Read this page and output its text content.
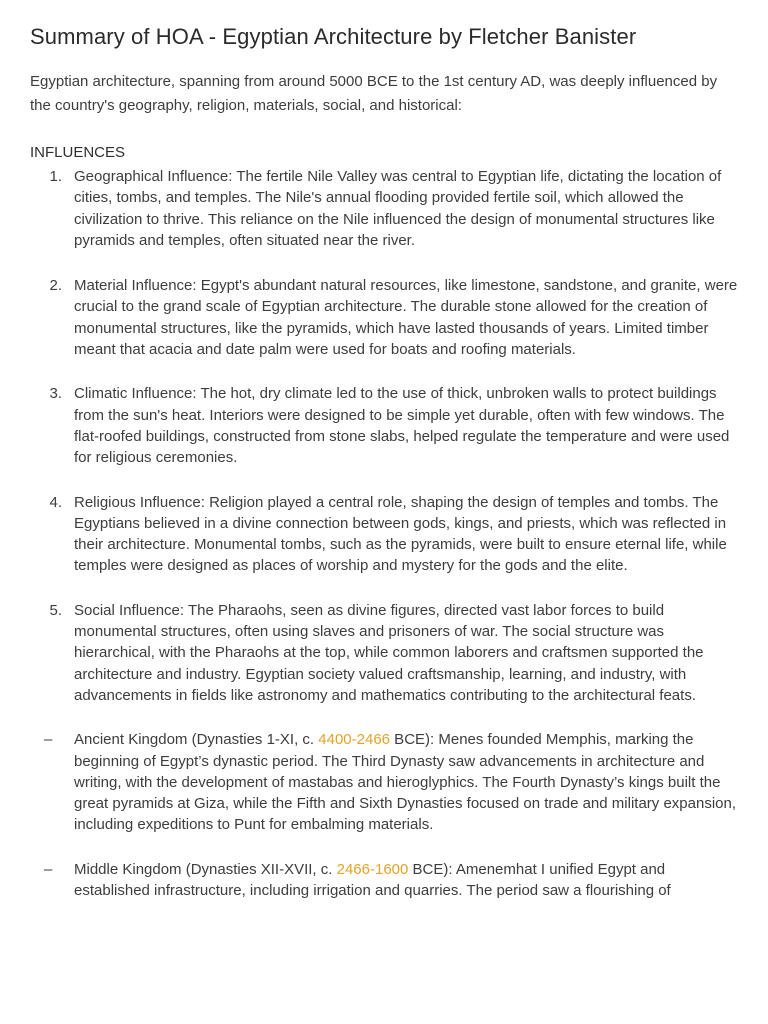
Summary of HOA - Egyptian Architecture by Fletcher Banister

Egyptian architecture, spanning from around 5000 BCE to the 1st century AD, was deeply influenced by the country's geography, religion, materials, social, and historical:

INFLUENCES

1. Geographical Influence: The fertile Nile Valley was central to Egyptian life, dictating the location of cities, tombs, and temples. The Nile's annual flooding provided fertile soil, which allowed the civilization to thrive. This reliance on the Nile influenced the design of monumental structures like pyramids and temples, often situated near the river.
2. Material Influence: Egypt's abundant natural resources, like limestone, sandstone, and granite, were crucial to the grand scale of Egyptian architecture. The durable stone allowed for the creation of monumental structures, like the pyramids, which have lasted thousands of years. Limited timber meant that acacia and date palm were used for boats and roofing materials.
3. Climatic Influence: The hot, dry climate led to the use of thick, unbroken walls to protect buildings from the sun's heat. Interiors were designed to be simple yet durable, often with few windows. The flat-roofed buildings, constructed from stone slabs, helped regulate the temperature and were used for religious ceremonies.
4. Religious Influence: Religion played a central role, shaping the design of temples and tombs. The Egyptians believed in a divine connection between gods, kings, and priests, which was reflected in their architecture. Monumental tombs, such as the pyramids, were built to ensure eternal life, while temples were designed as places of worship and mystery for the gods and the elite.
5. Social Influence: The Pharaohs, seen as divine figures, directed vast labor forces to build monumental structures, often using slaves and prisoners of war. The social structure was hierarchical, with the Pharaohs at the top, while common laborers and craftsmen supported the architecture and industry. Egyptian society valued craftsmanship, learning, and industry, with advancements in fields like astronomy and mathematics contributing to the architectural feats.
–	Ancient Kingdom (Dynasties 1-XI, c. 4400-2466 BCE): Menes founded Memphis, marking the beginning of Egypt’s dynastic period. The Third Dynasty saw advancements in architecture and writing, with the development of mastabas and hieroglyphics. The Fourth Dynasty’s kings built the great pyramids at Giza, while the Fifth and Sixth Dynasties focused on trade and military expansion, including expeditions to Punt for embalming materials.
–	Middle Kingdom (Dynasties XII-XVII, c. 2466-1600 BCE): Amenemhat I unified Egypt and established infrastructure, including irrigation and quarries. The period saw a flourishing of
